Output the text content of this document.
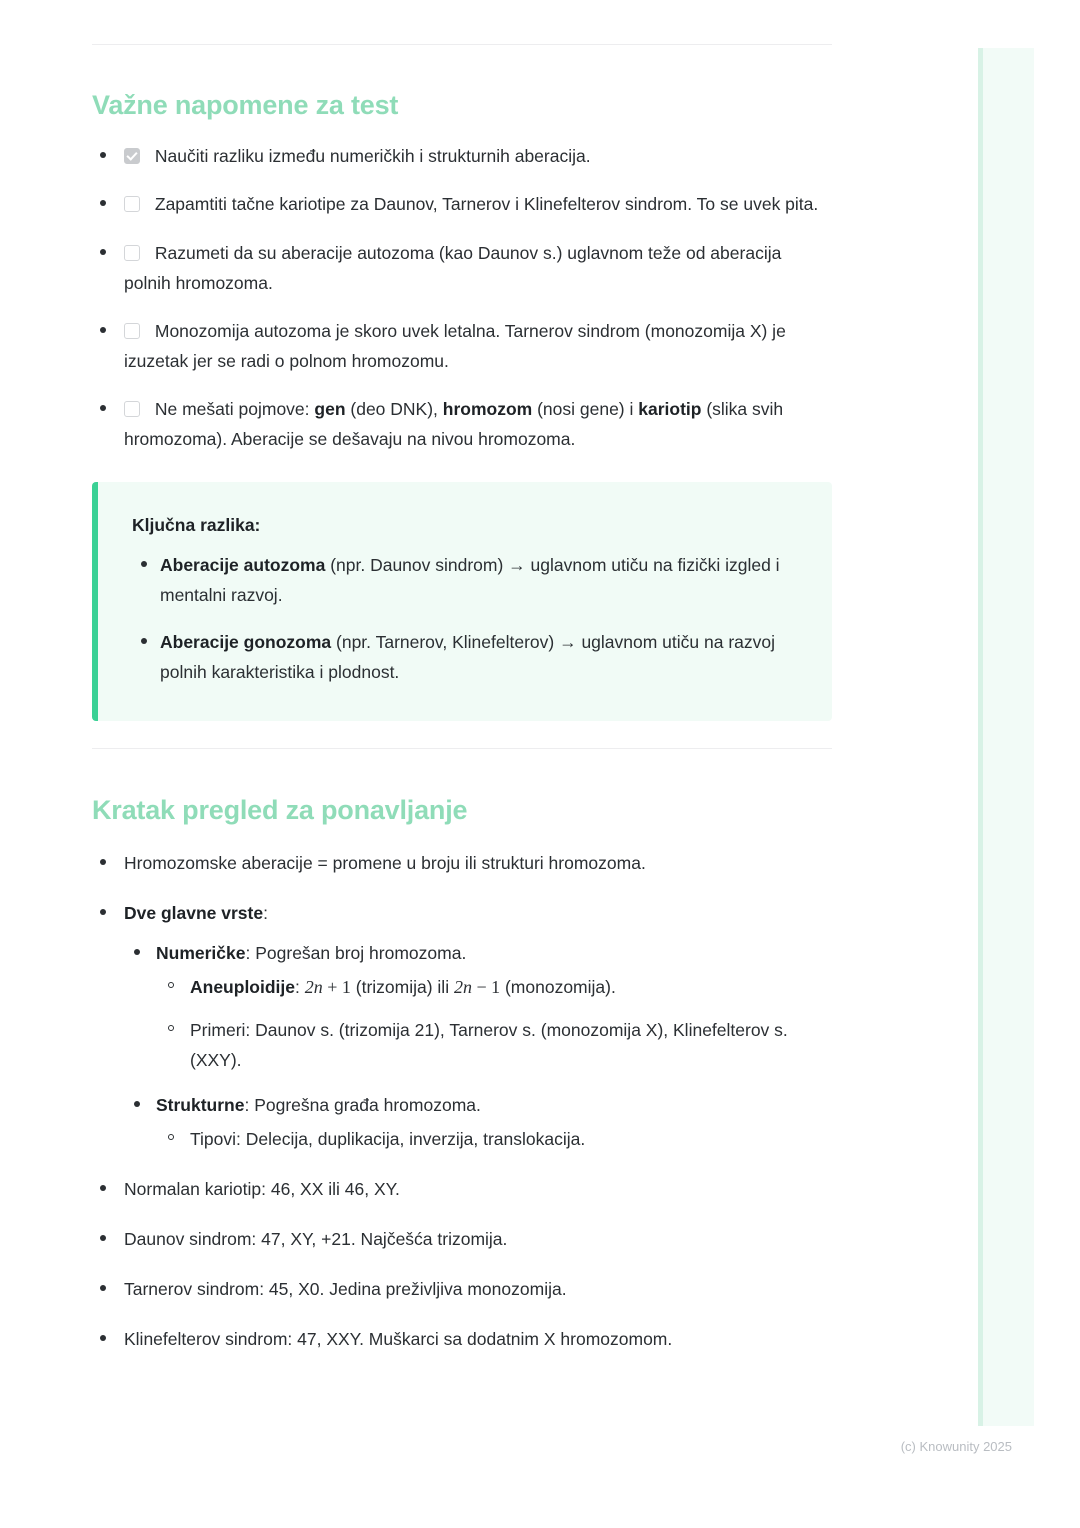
Važne napomene za test
Naučiti razliku između numeričkih i strukturnih aberacija.
Zapamtiti tačne kariotipe za Daunov, Tarnerov i Klinefelterov sindrom. To se uvek pita.
Razumeti da su aberacije autozoma (kao Daunov s.) uglavnom teže od aberacija polnih hromozoma.
Monozomija autozoma je skoro uvek letalna. Tarnerov sindrom (monozomija X) je izuzetak jer se radi o polnom hromozomu.
Ne mešati pojmove: gen (deo DNK), hromozom (nosi gene) i kariotip (slika svih hromozoma). Aberacije se dešavaju na nivou hromozoma.

Ključna razlika:

Aberacije autozoma (npr. Daunov sindrom) → uglavnom utiču na fizički izgled i mentalni razvoj.
Aberacije gonozoma (npr. Tarnerov, Klinefelterov) → uglavnom utiču na razvoj polnih karakteristika i plodnost.
Kratak pregled za ponavljanje
Hromozomske aberacije = promene u broju ili strukturi hromozoma.
Dve glavne vrste:
Numeričke: Pogrešan broj hromozoma.
Aneuploidije: 2n + 1 (trizomija) ili 2n − 1 (monozomija).
Primeri: Daunov s. (trizomija 21), Tarnerov s. (monozomija X), Klinefelterov s. (XXY).
Strukturne: Pogrešna građa hromozoma.
Tipovi: Delecija, duplikacija, inverzija, translokacija.
Normalan kariotip: 46, XX ili 46, XY.
Daunov sindrom: 47, XY, +21. Najčešća trizomija.
Tarnerov sindrom: 45, X0. Jedina preživljiva monozomija.
Klinefelterov sindrom: 47, XXY. Muškarci sa dodatnim X hromozomom.
(c) Knowunity 2025
